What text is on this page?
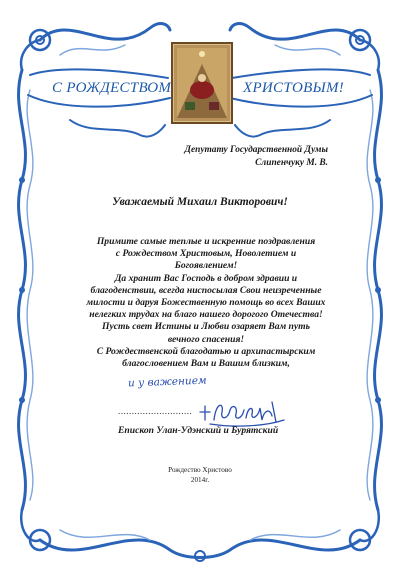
С РОЖДЕСТВОМ	ХРИСТОВЫМ!
Депутату Государственной Думы
Слипенчуку М. В.
Уважаемый Михаил Викторович!

Примите самые теплые и искренние поздравления

с Рождеством Христовым, Новолетием и

Богоявлением!

Да хранит Вас Господь в добром здравии и

благоденствии, всегда ниспосылая Свои неизреченные

милости и даруя Божественную помощь во всех Ваших

нелегких трудах на благо нашего дорогого Отечества!

Пусть свет Истины и Любви озаряет Вам путь

вечного спасения!

С Рождественской благодатью и архипастырским

благословением Вам и Вашим близким,

и у важением
...........................
Епископ Улан-Удэнский и Бурятский
Рождество Христово
2014г.
